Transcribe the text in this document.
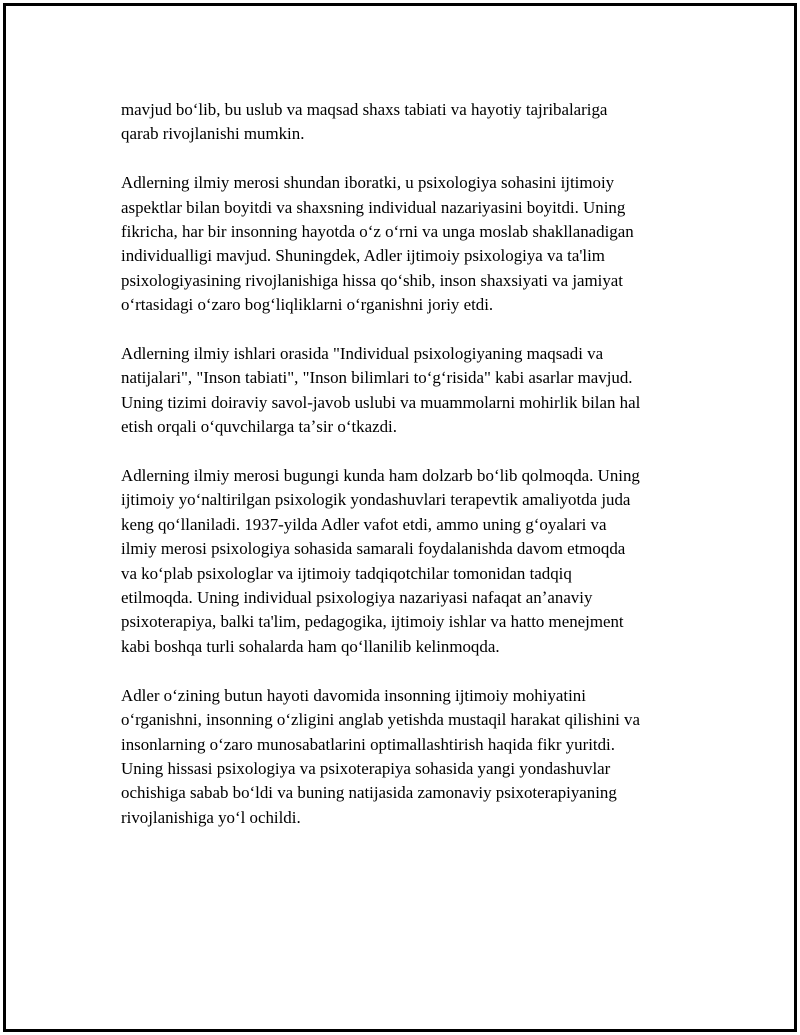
mavjud boʻlib, bu uslub va maqsad shaxs tabiati va hayotiy tajribalariga
qarab rivojlanishi mumkin.

Adlerning ilmiy merosi shundan iboratki, u psixologiya sohasini ijtimoiy
aspektlar bilan boyitdi va shaxsning individual nazariyasini boyitdi. Uning
fikricha, har bir insonning hayotda oʻz oʻrni va unga moslab shakllanadigan
individualligi mavjud. Shuningdek, Adler ijtimoiy psixologiya va ta'lim
psixologiyasining rivojlanishiga hissa qoʻshib, inson shaxsiyati va jamiyat
oʻrtasidagi oʻzaro bogʻliqliklarni oʻrganishni joriy etdi.

Adlerning ilmiy ishlari orasida "Individual psixologiyaning maqsadi va
natijalari", "Inson tabiati", "Inson bilimlari toʻgʻrisida" kabi asarlar mavjud.
Uning tizimi doiraviy savol-javob uslubi va muammolarni mohirlik bilan hal
etish orqali oʻquvchilarga taʼsir oʻtkazdi.

Adlerning ilmiy merosi bugungi kunda ham dolzarb boʻlib qolmoqda. Uning
ijtimoiy yoʻnaltirilgan psixologik yondashuvlari terapevtik amaliyotda juda
keng qoʻllaniladi. 1937-yilda Adler vafot etdi, ammo uning gʻoyalari va
ilmiy merosi psixologiya sohasida samarali foydalanishda davom etmoqda
va koʻplab psixologlar va ijtimoiy tadqiqotchilar tomonidan tadqiq
etilmoqda. Uning individual psixologiya nazariyasi nafaqat anʼanaviy
psixoterapiya, balki ta'lim, pedagogika, ijtimoiy ishlar va hatto menejment
kabi boshqa turli sohalarda ham qoʻllanilib kelinmoqda.

Adler oʻzining butun hayoti davomida insonning ijtimoiy mohiyatini
oʻrganishni, insonning oʻzligini anglab yetishda mustaqil harakat qilishini va
insonlarning oʻzaro munosabatlarini optimallashtirish haqida fikr yuritdi.
Uning hissasi psixologiya va psixoterapiya sohasida yangi yondashuvlar
ochishiga sabab boʻldi va buning natijasida zamonaviy psixoterapiyaning
rivojlanishiga yoʻl ochildi.
